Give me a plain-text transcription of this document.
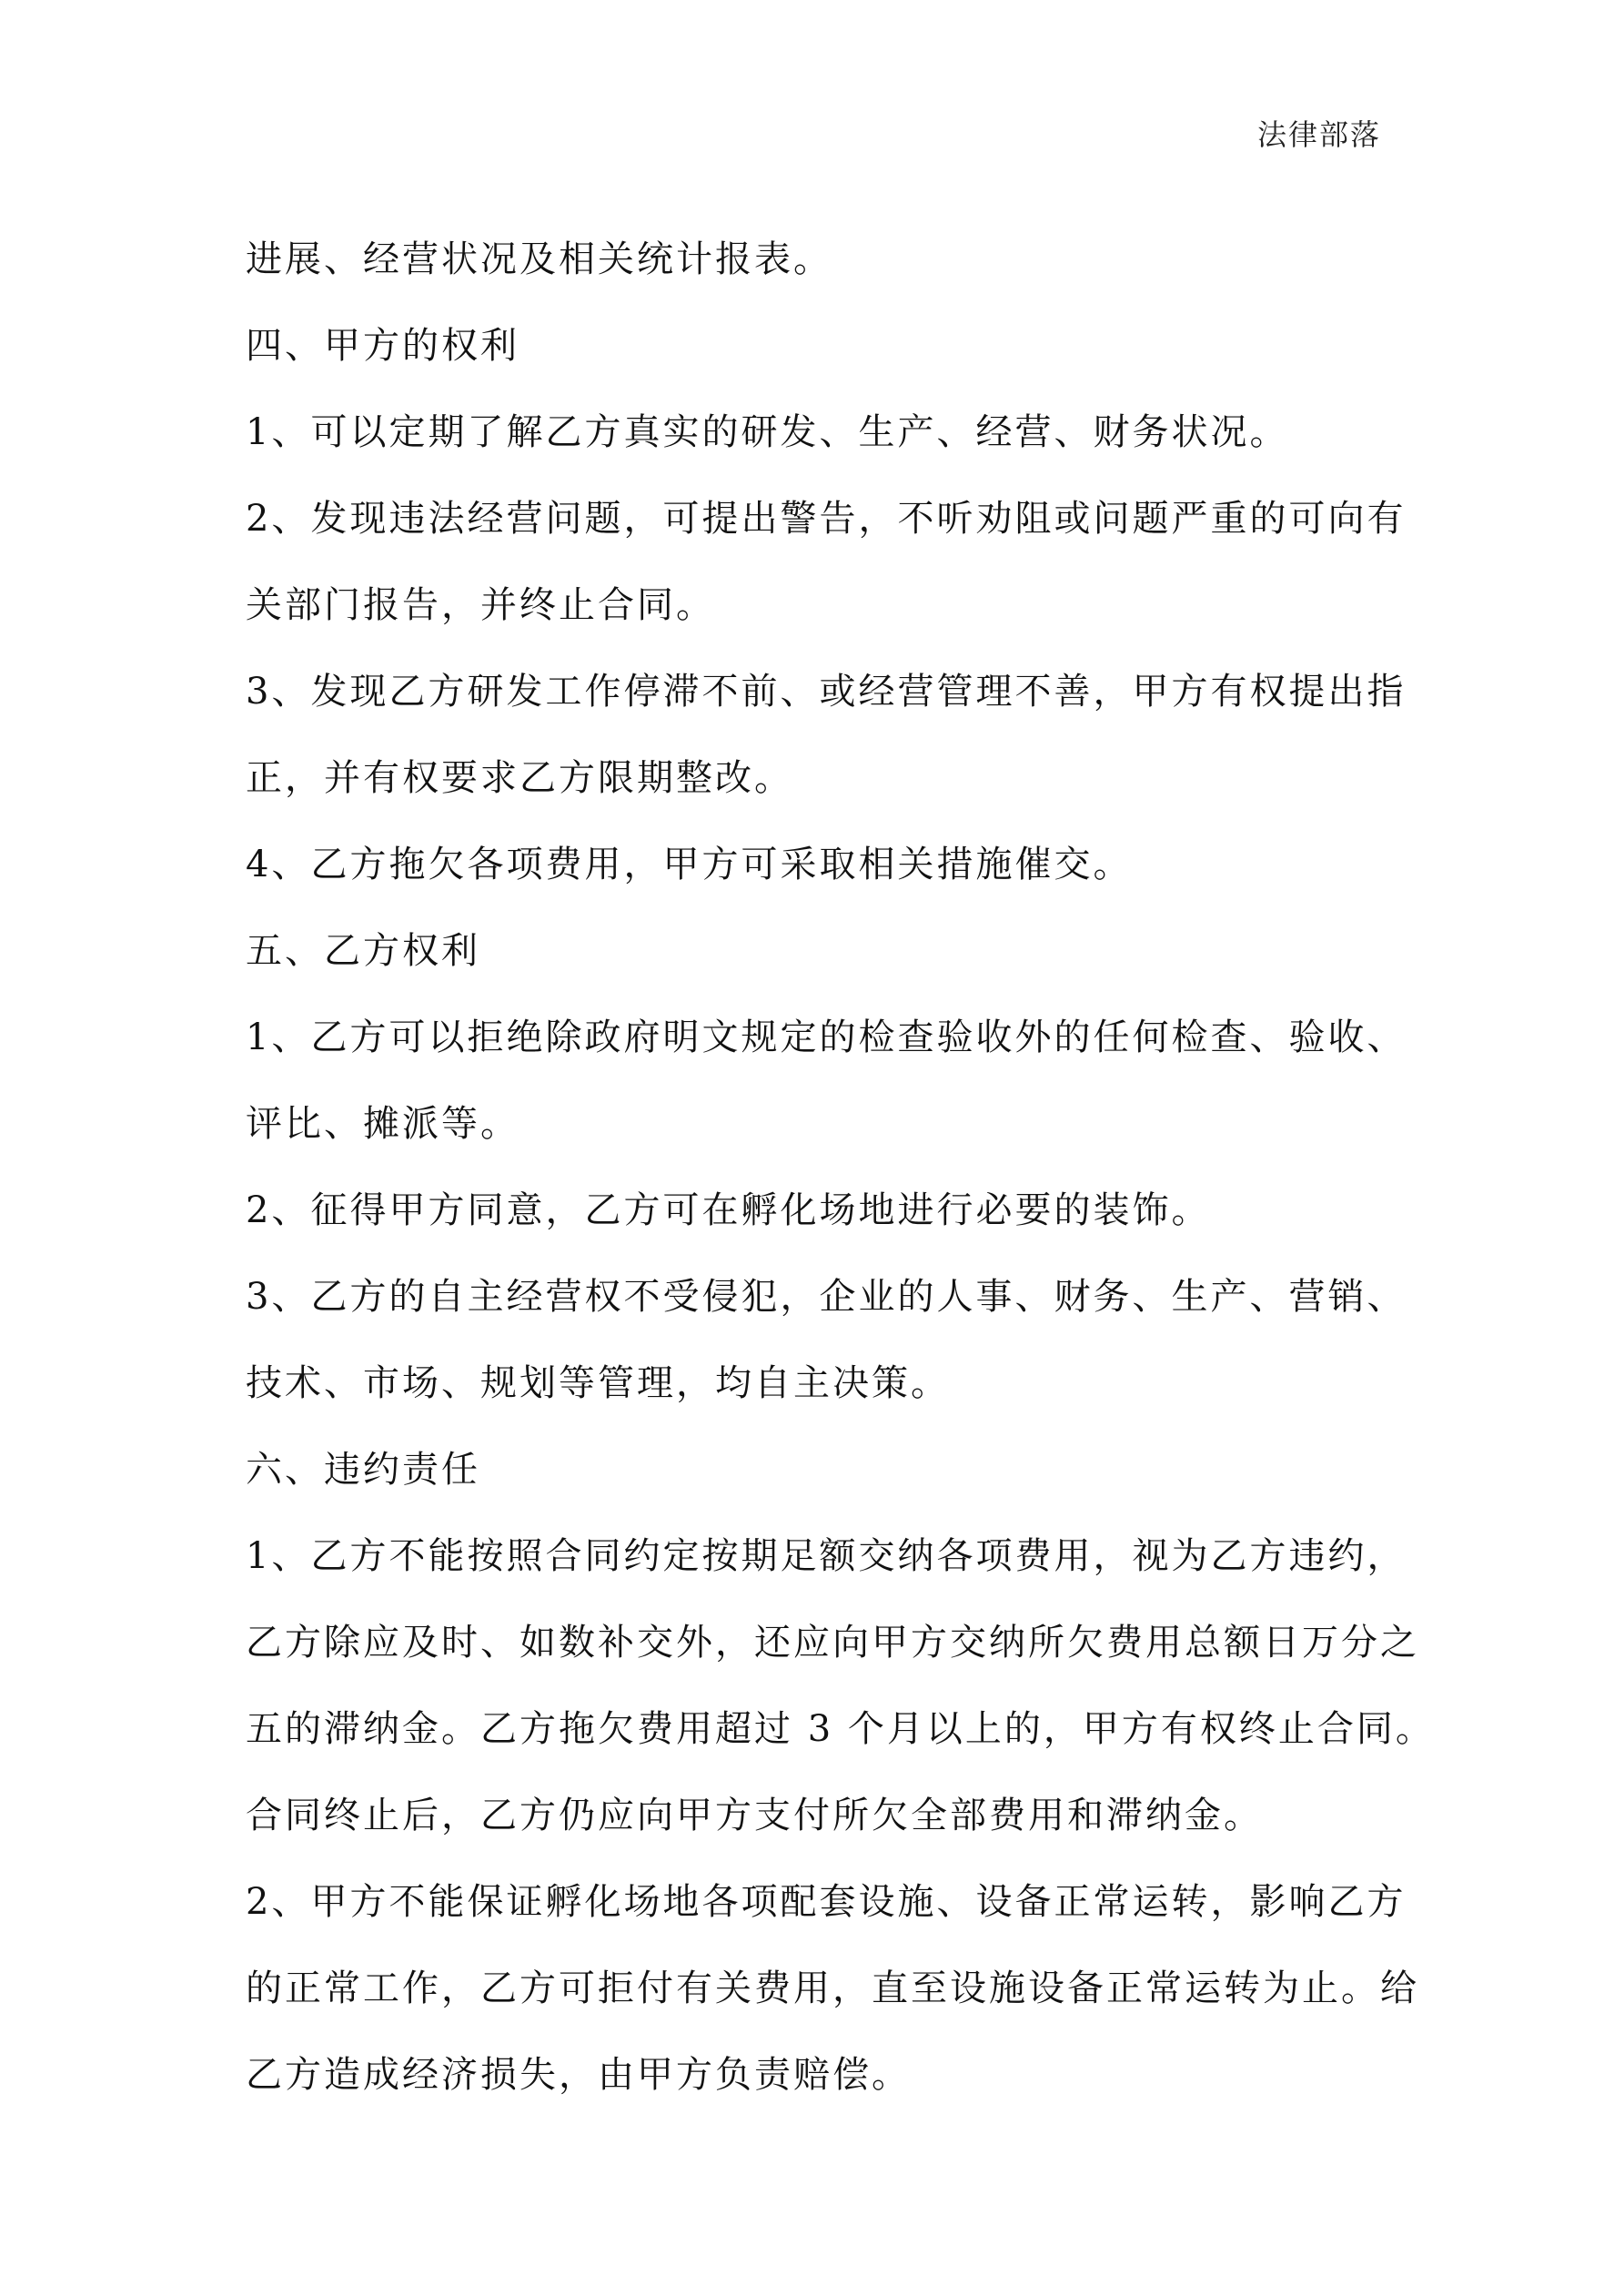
法律部落
进展、经营状况及相关统计报表。
四、甲方的权利
1、可以定期了解乙方真实的研发、生产、经营、财务状况。
2、发现违法经营问题，可提出警告，不听劝阻或问题严重的可向有
关部门报告，并终止合同。
3、发现乙方研发工作停滞不前、或经营管理不善，甲方有权提出指
正，并有权要求乙方限期整改。
4、乙方拖欠各项费用，甲方可采取相关措施催交。
五、乙方权利
1、乙方可以拒绝除政府明文规定的检查验收外的任何检查、验收、
评比、摊派等。
2、征得甲方同意，乙方可在孵化场地进行必要的装饰。
3、乙方的自主经营权不受侵犯，企业的人事、财务、生产、营销、
技术、市场、规划等管理，均自主决策。
六、违约责任
1、乙方不能按照合同约定按期足额交纳各项费用，视为乙方违约，
乙方除应及时、如数补交外，还应向甲方交纳所欠费用总额日万分之
五的滞纳金。乙方拖欠费用超过 3 个月以上的，甲方有权终止合同。
合同终止后，乙方仍应向甲方支付所欠全部费用和滞纳金。
2、甲方不能保证孵化场地各项配套设施、设备正常运转，影响乙方
的正常工作，乙方可拒付有关费用，直至设施设备正常运转为止。给
乙方造成经济损失，由甲方负责赔偿。
